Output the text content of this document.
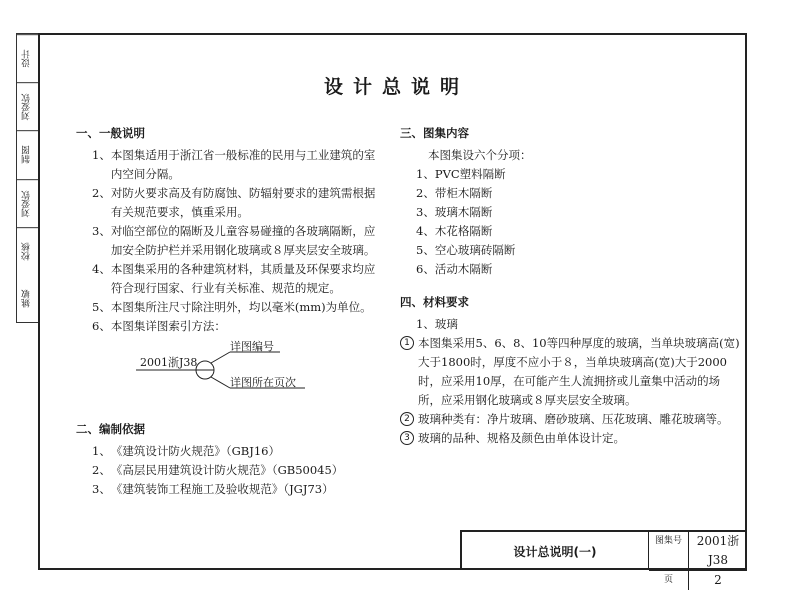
设计
刘爱钦
制图
刘爱钦
校核
姚敏
设计总说明
一、一般说明
1、 本图集适用于浙江省一般标准的民用与工业建筑的室内空间分隔。
2、 对防火要求高及有防腐蚀、防辐射要求的建筑需根据有关规范要求，慎重采用。
3、 对临空部位的隔断及儿童容易碰撞的各玻璃隔断，应加安全防护栏并采用钢化玻璃或８厚夹层安全玻璃。
4、 本图集采用的各种建筑材料，其质量及环保要求均应符合现行国家、行业有关标准、规范的规定。
5、 本图集所注尺寸除注明外，均以毫米(mm)为单位。
6、 本图集详图索引方法：
2001浙J38
详图编号
详图所在页次
二、编制依据
1、 《建筑设计防火规范》（GBJ16）
2、 《高层民用建筑设计防火规范》（GB50045）
3、 《建筑装饰工程施工及验收规范》（JGJ73）
三、图集内容
本图集设六个分项：
1、 PVC塑料隔断
2、 带柜木隔断
3、 玻璃木隔断
4、 木花格隔断
5、 空心玻璃砖隔断
6、 活动木隔断
四、材料要求
1、玻璃
1 本图集采用5、6、8、10等四种厚度的玻璃，当单块玻璃高(宽)大于1800时，厚度不应小于８，当单块玻璃高(宽)大于2000时，应采用10厚，在可能产生人流拥挤或儿童集中活动的场所，应采用钢化玻璃或８厚夹层安全玻璃。
2 玻璃种类有：净片玻璃、磨砂玻璃、压花玻璃、雕花玻璃等。
3 玻璃的品种、规格及颜色由单体设计定。
设计总说明(一)
图集号	2001浙J38
页	2
